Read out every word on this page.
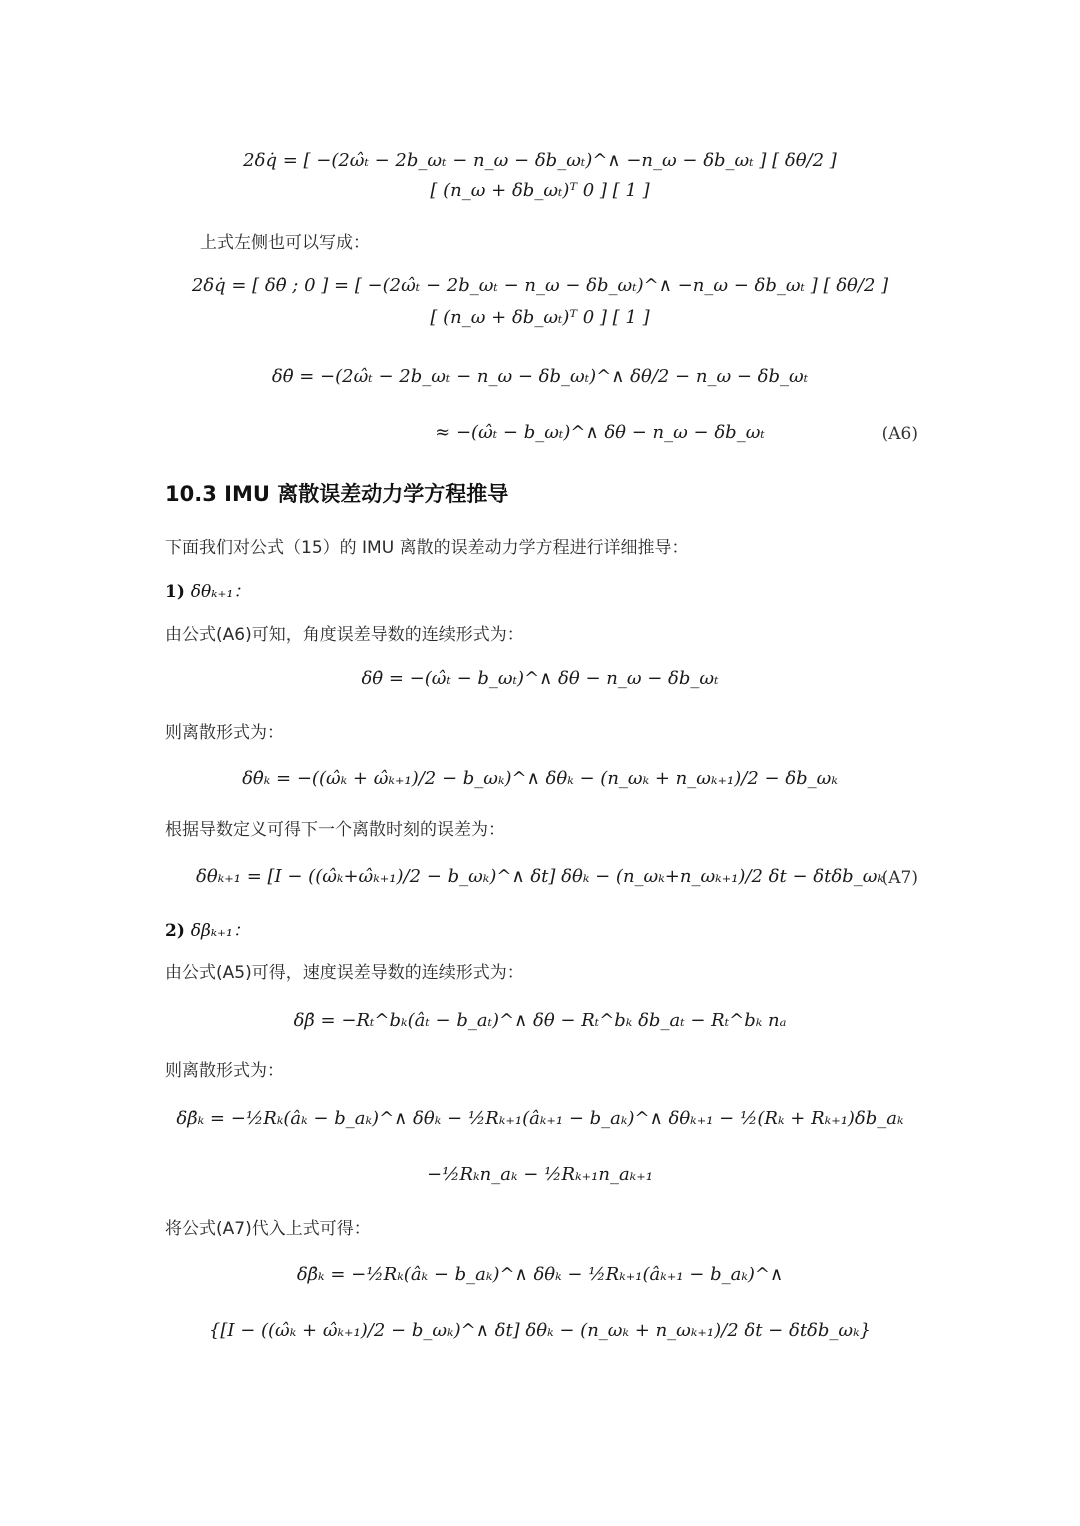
2δq̇ = [ −(2ω̂ₜ − 2b_ωₜ − n_ω − δb_ωₜ)^∧ −n_ω − δb_ωₜ ] [ δθ/2 ]
[ (n_ω + δb_ωₜ)ᵀ 0 ] [ 1 ]
上式左侧也可以写成：
2δq̇ = [ δθ̇ ; 0 ] = [ −(2ω̂ₜ − 2b_ωₜ − n_ω − δb_ωₜ)^∧ −n_ω − δb_ωₜ ] [ δθ/2 ]
[ (n_ω + δb_ωₜ)ᵀ 0 ] [ 1 ]
δθ̇ = −(2ω̂ₜ − 2b_ωₜ − n_ω − δb_ωₜ)^∧ δθ/2 − n_ω − δb_ωₜ
≈ −(ω̂ₜ − b_ωₜ)^∧ δθ − n_ω − δb_ωₜ	(A6)
10.3 IMU 离散误差动力学方程推导
下面我们对公式（15）的 IMU 离散的误差动力学方程进行详细推导：
1) δθₖ₊₁：
由公式(A6)可知，角度误差导数的连续形式为：
δθ̇ = −(ω̂ₜ − b_ωₜ)^∧ δθ − n_ω − δb_ωₜ
则离散形式为：
δθ̇ₖ = −((ω̂ₖ + ω̂ₖ₊₁)/2 − b_ωₖ)^∧ δθₖ − (n_ωₖ + n_ωₖ₊₁)/2 − δb_ωₖ
根据导数定义可得下一个离散时刻的误差为：
δθₖ₊₁ = [I − ((ω̂ₖ+ω̂ₖ₊₁)/2 − b_ωₖ)^∧ δt] δθₖ − (n_ωₖ+n_ωₖ₊₁)/2 δt − δtδb_ωₖ
(A7)
2) δβₖ₊₁：
由公式(A5)可得，速度误差导数的连续形式为：
δβ̇ = −Rₜ^bₖ(âₜ − b_aₜ)^∧ δθ − Rₜ^bₖ δb_aₜ − Rₜ^bₖ nₐ
则离散形式为：
δβ̇ₖ = −½Rₖ(âₖ − b_aₖ)^∧ δθₖ − ½Rₖ₊₁(âₖ₊₁ − b_aₖ)^∧ δθₖ₊₁ − ½(Rₖ + Rₖ₊₁)δb_aₖ
−½Rₖn_aₖ − ½Rₖ₊₁n_aₖ₊₁
将公式(A7)代入上式可得：
δβ̇ₖ = −½Rₖ(âₖ − b_aₖ)^∧ δθₖ − ½Rₖ₊₁(âₖ₊₁ − b_aₖ)^∧
{[I − ((ω̂ₖ + ω̂ₖ₊₁)/2 − b_ωₖ)^∧ δt] δθₖ − (n_ωₖ + n_ωₖ₊₁)/2 δt − δtδb_ωₖ}
